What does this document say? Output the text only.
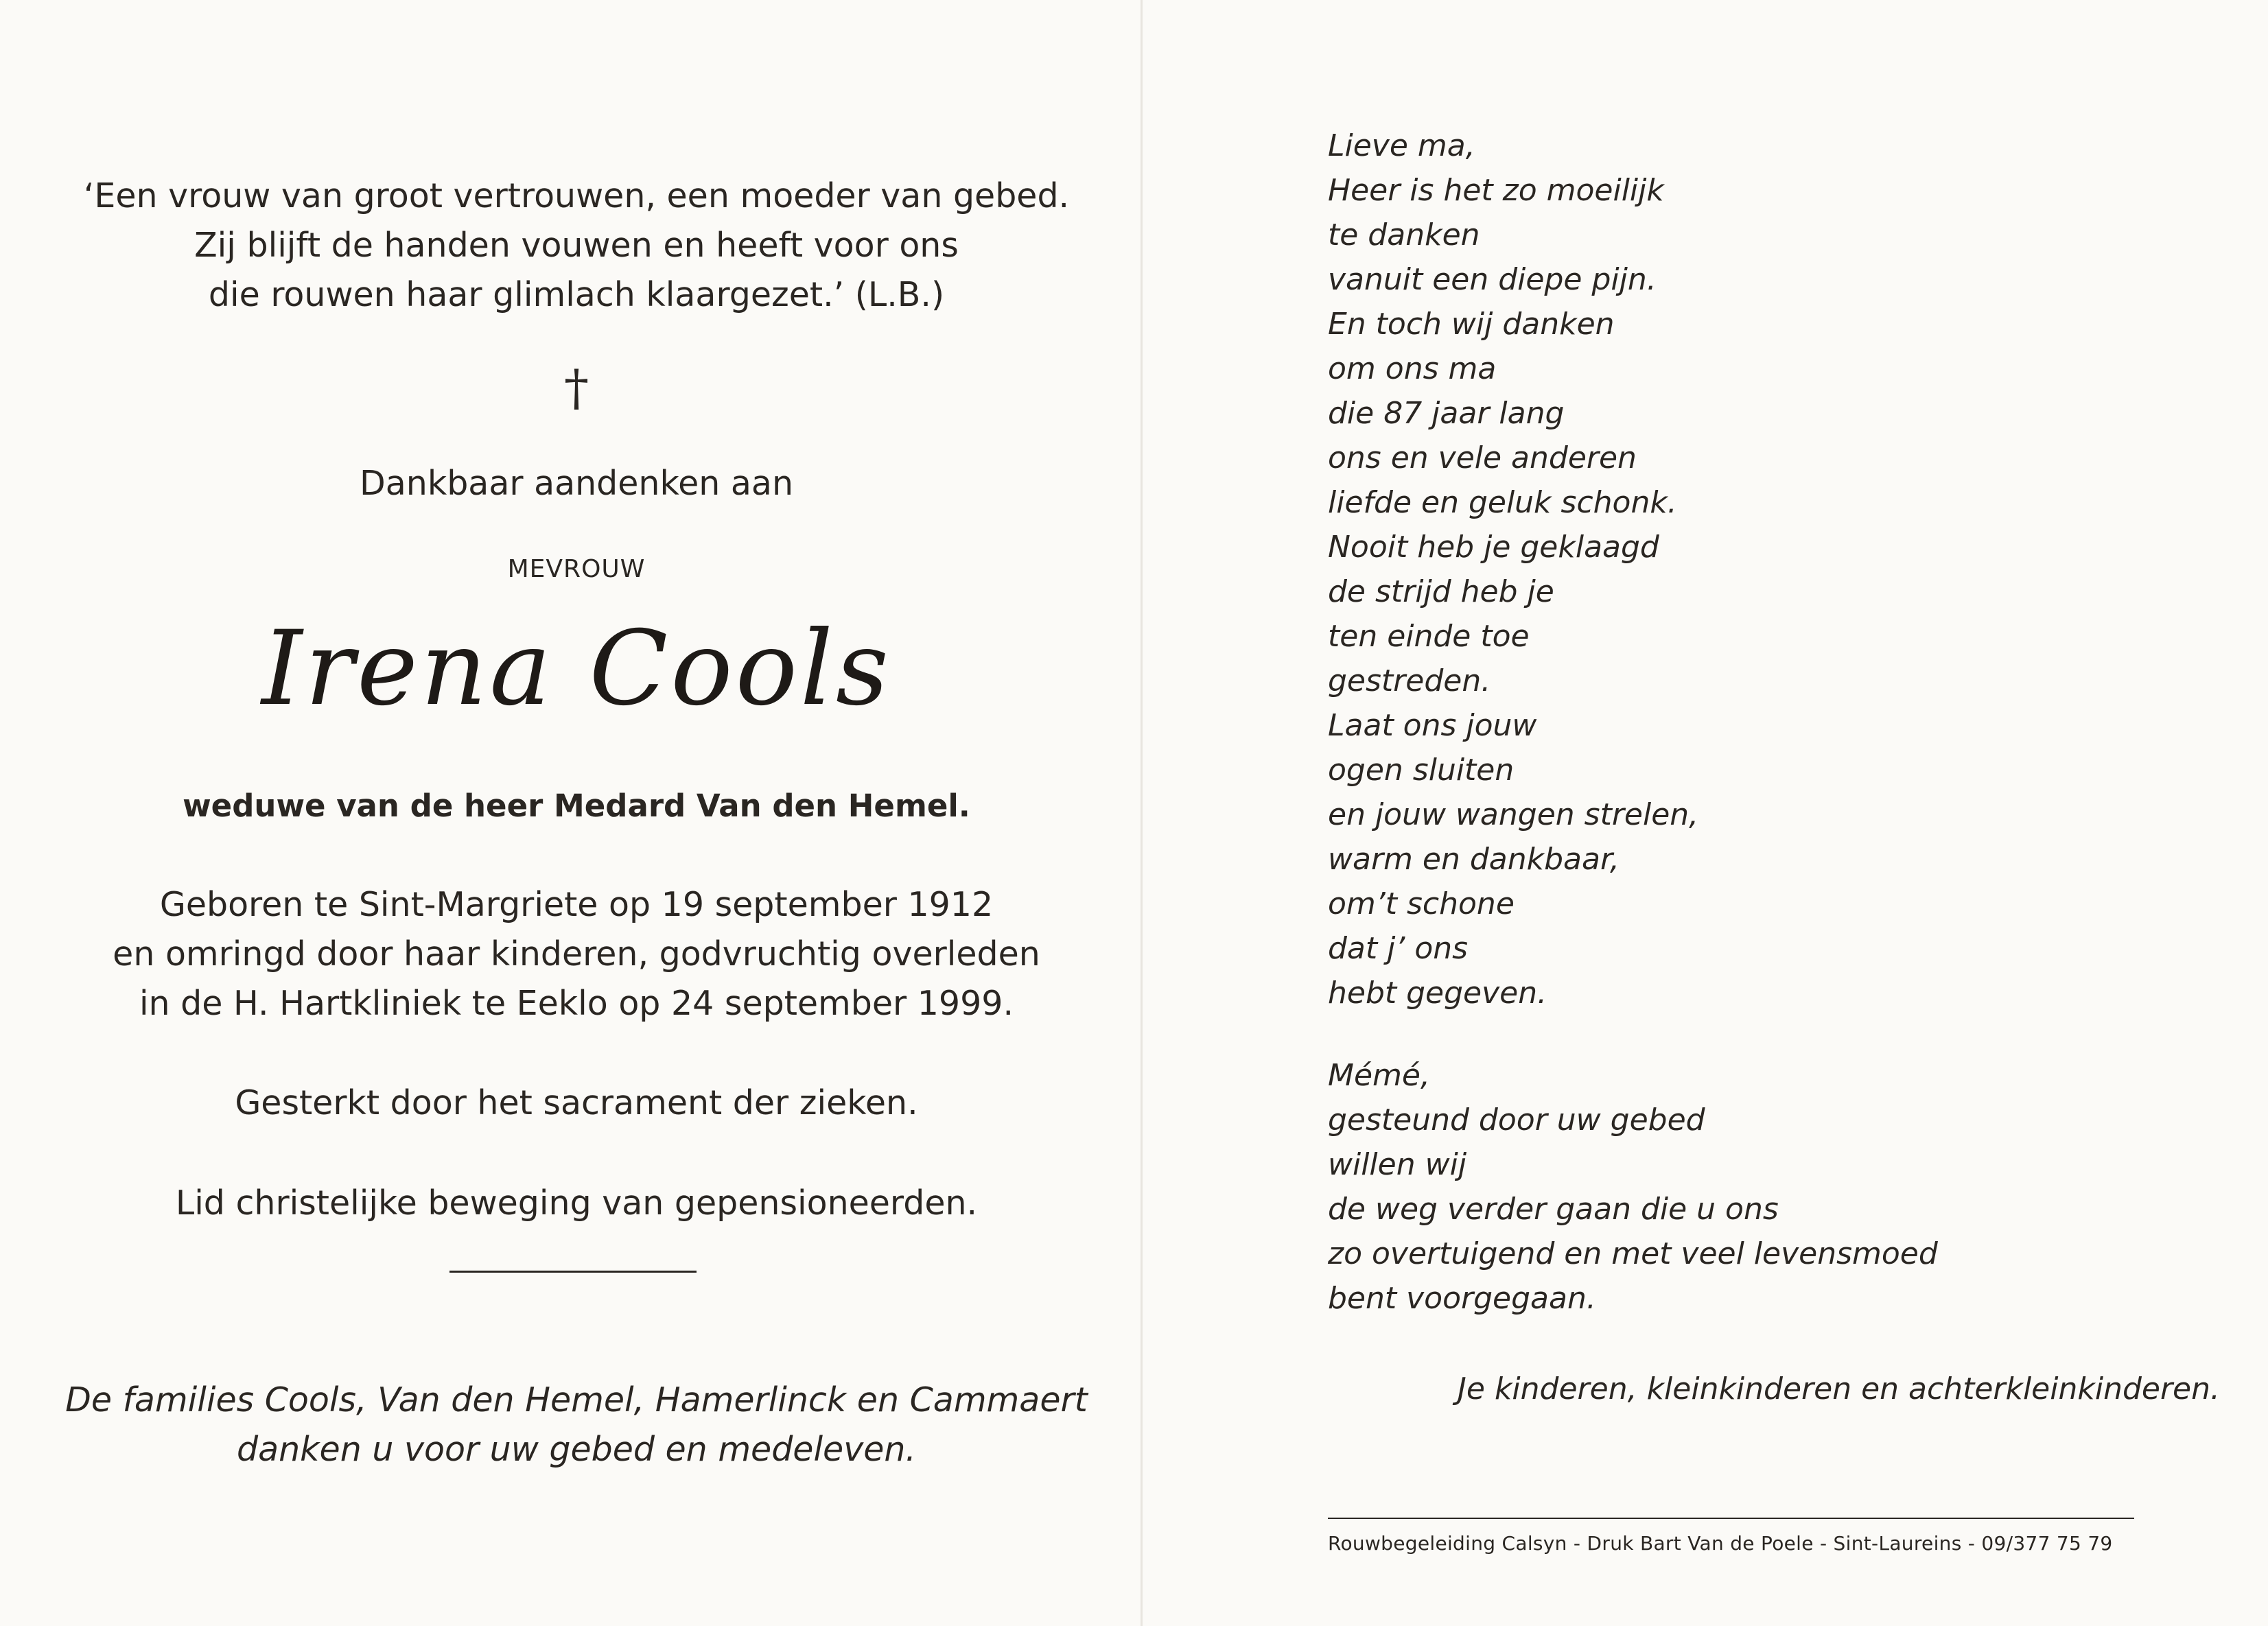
‘Een vrouw van groot vertrouwen, een moeder van gebed.
Zij blijft de handen vouwen en heeft voor ons
die rouwen haar glimlach klaargezet.’ (L.B.)
†
Dankbaar aandenken aan
MEVROUW
Irena Cools
weduwe van de heer Medard Van den Hemel.
Geboren te Sint-Margriete op 19 september 1912
en omringd door haar kinderen, godvruchtig overleden
in de H. Hartkliniek te Eeklo op 24 september 1999.
Gesterkt door het sacrament der zieken.
Lid christelijke beweging van gepensioneerden.
De families Cools, Van den Hemel, Hamerlinck en Cammaert
danken u voor uw gebed en medeleven.
Lieve ma,
Heer is het zo moeilijk
te danken
vanuit een diepe pijn.
En toch wij danken
om ons ma
die 87 jaar lang
ons en vele anderen
liefde en geluk schonk.
Nooit heb je geklaagd
de strijd heb je
ten einde toe
gestreden.
Laat ons jouw
ogen sluiten
en jouw wangen strelen,
warm en dankbaar,
om’t schone
dat j’ ons
hebt gegeven.
Mémé,
gesteund door uw gebed
willen wij
de weg verder gaan die u ons
zo overtuigend en met veel levensmoed
bent voorgegaan.
Je kinderen, kleinkinderen en achterkleinkinderen.
Rouwbegeleiding Calsyn - Druk Bart Van de Poele - Sint-Laureins - 09/377 75 79
